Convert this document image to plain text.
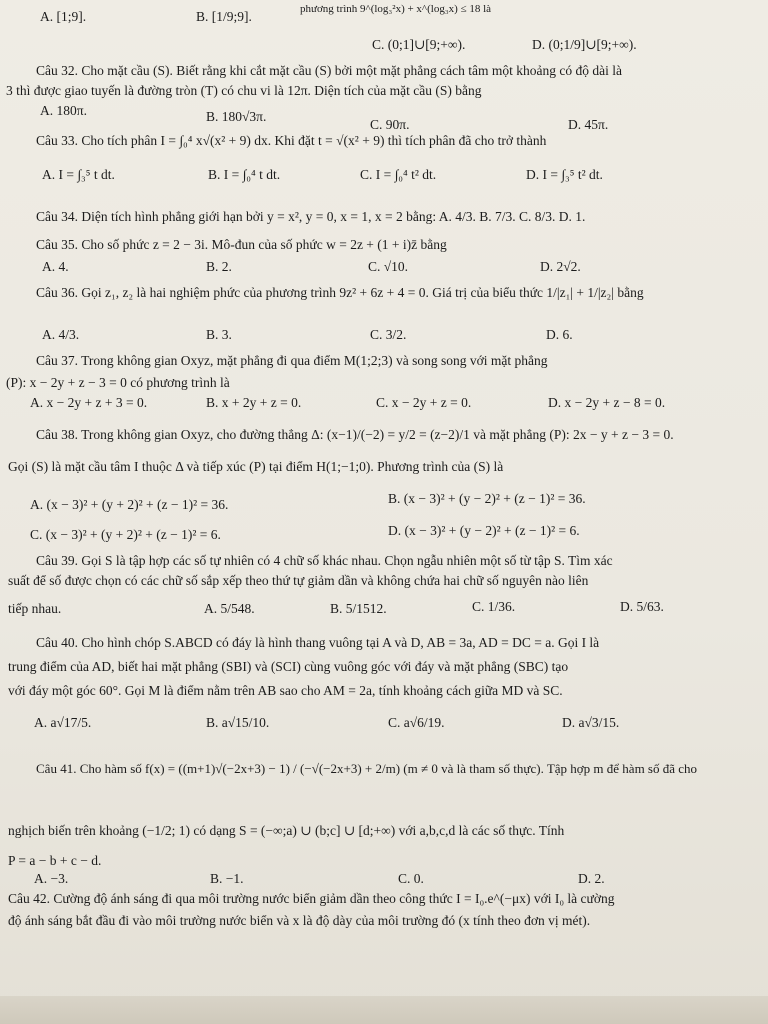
A. [1;9].	B. [1/9;9].	phương trình 9^(log₃²x) + x^(log₃x) ≤ 18 là
C. (0;1]∪[9;+∞).	D. (0;1/9]∪[9;+∞).
Câu 32. Cho mặt cầu (S). Biết rằng khi cắt mặt cầu (S) bởi một mặt phẳng cách tâm một khoảng có độ dài là
3 thì được giao tuyến là đường tròn (T) có chu vi là 12π. Diện tích của mặt cầu (S) bằng
A. 180π.	B. 180√3π.
C. 90π.	D. 45π.
Câu 33. Cho tích phân I = ∫₀⁴ x√(x² + 9) dx. Khi đặt t = √(x² + 9) thì tích phân đã cho trở thành
A. I = ∫₃⁵ t dt.	B. I = ∫₀⁴ t dt.	C. I = ∫₀⁴ t² dt.	D. I = ∫₃⁵ t² dt.
Câu 34. Diện tích hình phẳng giới hạn bởi y = x², y = 0, x = 1, x = 2 bằng: A. 4/3. B. 7/3. C. 8/3. D. 1.
Câu 35. Cho số phức z = 2 − 3i. Mô-đun của số phức w = 2z + (1 + i)z̄ bằng
A. 4.	B. 2.	C. √10.	D. 2√2.
Câu 36. Gọi z₁, z₂ là hai nghiệm phức của phương trình 9z² + 6z + 4 = 0. Giá trị của biểu thức 1/|z₁| + 1/|z₂| bằng
A. 4/3.	B. 3.	C. 3/2.	D. 6.
Câu 37. Trong không gian Oxyz, mặt phẳng đi qua điểm M(1;2;3) và song song với mặt phẳng
(P): x − 2y + z − 3 = 0 có phương trình là
A. x − 2y + z + 3 = 0.	B. x + 2y + z = 0.	C. x − 2y + z = 0.	D. x − 2y + z − 8 = 0.
Câu 38. Trong không gian Oxyz, cho đường thẳng Δ: (x−1)/(−2) = y/2 = (z−2)/1 và mặt phẳng (P): 2x − y + z − 3 = 0.
Gọi (S) là mặt cầu tâm I thuộc Δ và tiếp xúc (P) tại điểm H(1;−1;0). Phương trình của (S) là
A. (x − 3)² + (y + 2)² + (z − 1)² = 36.	B. (x − 3)² + (y − 2)² + (z − 1)² = 36.
C. (x − 3)² + (y + 2)² + (z − 1)² = 6.	D. (x − 3)² + (y − 2)² + (z − 1)² = 6.
Câu 39. Gọi S là tập hợp các số tự nhiên có 4 chữ số khác nhau. Chọn ngẫu nhiên một số từ tập S. Tìm xác
suất để số được chọn có các chữ số sắp xếp theo thứ tự giảm dần và không chứa hai chữ số nguyên nào liên
tiếp nhau.	A. 5/548.	B. 5/1512.	C. 1/36.	D. 5/63.
Câu 40. Cho hình chóp S.ABCD có đáy là hình thang vuông tại A và D, AB = 3a, AD = DC = a. Gọi I là
trung điểm của AD, biết hai mặt phẳng (SBI) và (SCI) cùng vuông góc với đáy và mặt phẳng (SBC) tạo
với đáy một góc 60°. Gọi M là điểm nằm trên AB sao cho AM = 2a, tính khoảng cách giữa MD và SC.
A. a√17/5.	B. a√15/10.	C. a√6/19.	D. a√3/15.
Câu 41. Cho hàm số f(x) = ((m+1)√(−2x+3) − 1) / (−√(−2x+3) + 2/m) (m ≠ 0 và là tham số thực). Tập hợp m để hàm số đã cho
nghịch biến trên khoảng (−1/2; 1) có dạng S = (−∞;a) ∪ (b;c] ∪ [d;+∞) với a,b,c,d là các số thực. Tính
P = a − b + c − d.
A. −3.	B. −1.	C. 0.	D. 2.
Câu 42. Cường độ ánh sáng đi qua môi trường nước biển giảm dần theo công thức I = I₀.e^(−μx) với I₀ là cường
độ ánh sáng bắt đầu đi vào môi trường nước biển và x là độ dày của môi trường đó (x tính theo đơn vị mét).
